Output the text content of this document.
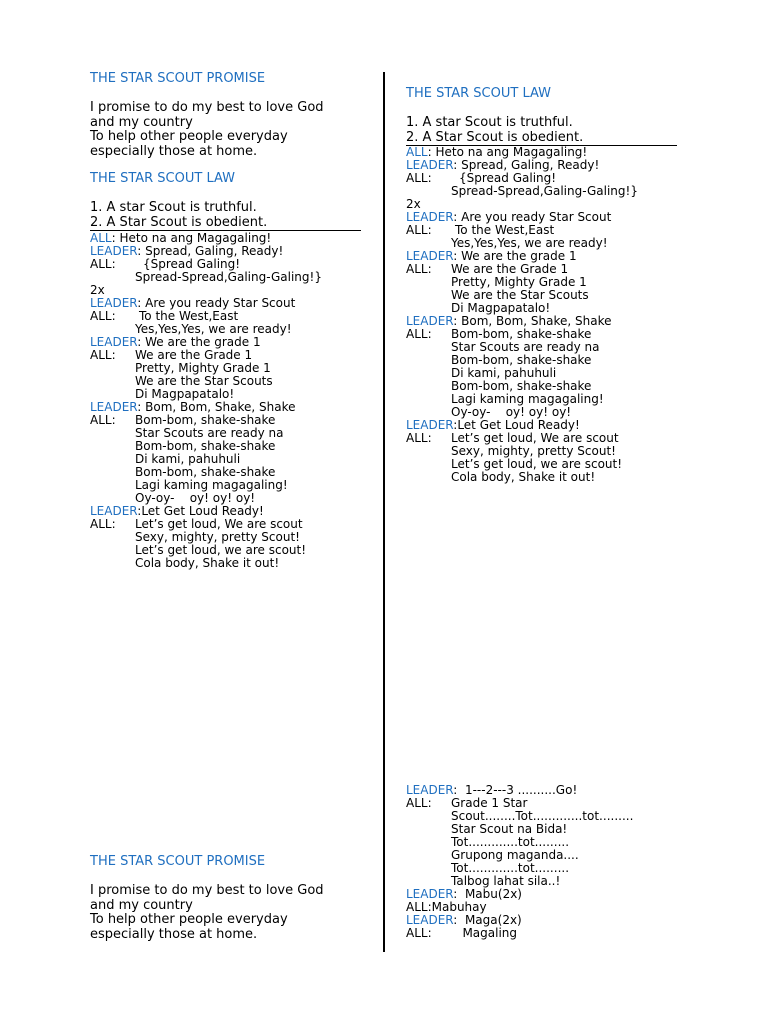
THE STAR SCOUT PROMISE
I promise to do my best to love God
and my country
To help other people everyday
especially those at home.
THE STAR SCOUT LAW
1. A star Scout is truthful.
2. A Star Scout is obedient.
ALL: Heto na ang Magagaling!
LEADER: Spread, Galing, Ready!
ALL: {Spread Galing!
Spread-Spread,Galing-Galing!}
2x
LEADER: Are you ready Star Scout
ALL: To the West,East
Yes,Yes,Yes, we are ready!
LEADER: We are the grade 1
ALL: We are the Grade 1
Pretty, Mighty Grade 1
We are the Star Scouts
Di Magpapatalo!
LEADER: Bom, Bom, Shake, Shake
ALL: Bom-bom, shake-shake
Star Scouts are ready na
Bom-bom, shake-shake
Di kami, pahuhuli
Bom-bom, shake-shake
Lagi kaming magagaling!
Oy-oy-    oy! oy! oy!
LEADER:Let Get Loud Ready!
ALL: Let’s get loud, We are scout
Sexy, mighty, pretty Scout!
Let’s get loud, we are scout!
Cola body, Shake it out!
THE STAR SCOUT PROMISE
I promise to do my best to love God
and my country
To help other people everyday
especially those at home.
THE STAR SCOUT LAW
1. A star Scout is truthful.
2. A Star Scout is obedient.
ALL: Heto na ang Magagaling!
LEADER: Spread, Galing, Ready!
ALL: {Spread Galing!
Spread-Spread,Galing-Galing!}
2x
LEADER: Are you ready Star Scout
ALL: To the West,East
Yes,Yes,Yes, we are ready!
LEADER: We are the grade 1
ALL: We are the Grade 1
Pretty, Mighty Grade 1
We are the Star Scouts
Di Magpapatalo!
LEADER: Bom, Bom, Shake, Shake
ALL: Bom-bom, shake-shake
Star Scouts are ready na
Bom-bom, shake-shake
Di kami, pahuhuli
Bom-bom, shake-shake
Lagi kaming magagaling!
Oy-oy-    oy! oy! oy!
LEADER:Let Get Loud Ready!
ALL: Let’s get loud, We are scout
Sexy, mighty, pretty Scout!
Let’s get loud, we are scout!
Cola body, Shake it out!
LEADER:  1---2---3 ..........Go!
ALL: Grade 1 Star
Scout........Tot.............tot.........
Star Scout na Bida!
Tot.............tot.........
Grupong maganda....
Tot.............tot.........
Talbog lahat sila..!
LEADER:  Mabu(2x)
ALL:Mabuhay
LEADER:  Maga(2x)
ALL: Magaling
